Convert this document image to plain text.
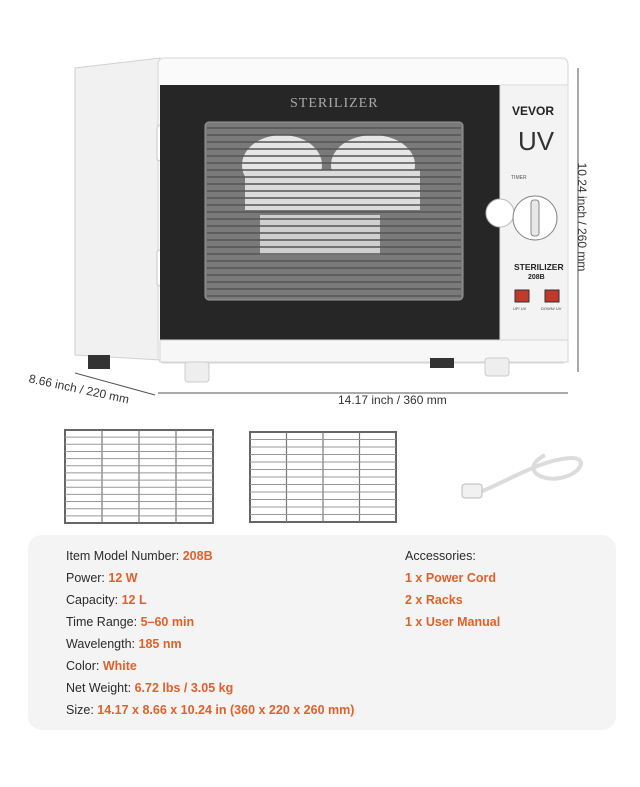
STERILIZER	VEVOR
UV
TIMER
STERILIZER
208B
UP/ UV	DOWN/ UV
10.24 inch / 260 mm
8.66 inch / 220 mm	14.17 inch / 360 mm
Item Model Number: 208B
Power: 12 W
Capacity: 12 L
Time Range: 5–60 min
Wavelength: 185 nm
Color: White
Net Weight: 6.72 lbs / 3.05 kg
Size: 14.17 x 8.66 x 10.24 in (360 x 220 x 260 mm)
Accessories:
1 x Power Cord
2 x Racks
1 x User Manual
